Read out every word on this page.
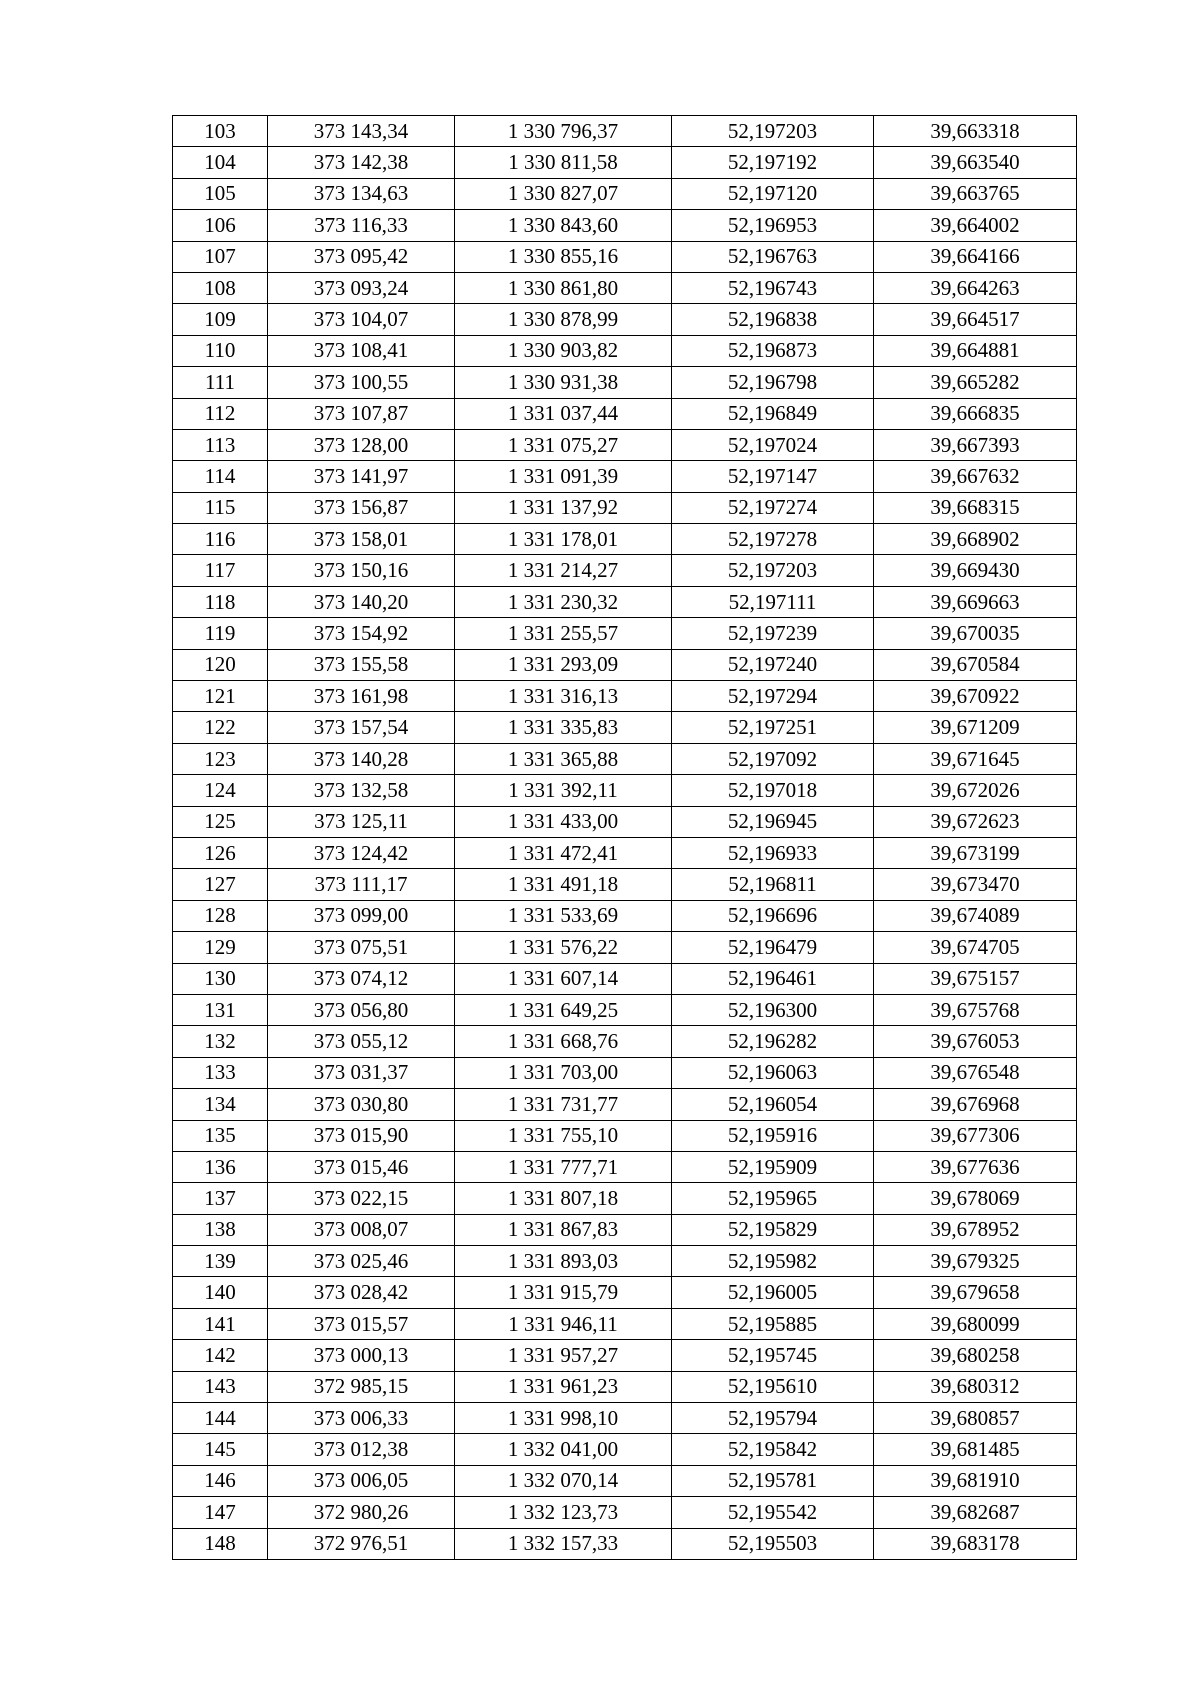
103	373 143,34	1 330 796,37	52,197203	39,663318
104	373 142,38	1 330 811,58	52,197192	39,663540
105	373 134,63	1 330 827,07	52,197120	39,663765
106	373 116,33	1 330 843,60	52,196953	39,664002
107	373 095,42	1 330 855,16	52,196763	39,664166
108	373 093,24	1 330 861,80	52,196743	39,664263
109	373 104,07	1 330 878,99	52,196838	39,664517
110	373 108,41	1 330 903,82	52,196873	39,664881
111	373 100,55	1 330 931,38	52,196798	39,665282
112	373 107,87	1 331 037,44	52,196849	39,666835
113	373 128,00	1 331 075,27	52,197024	39,667393
114	373 141,97	1 331 091,39	52,197147	39,667632
115	373 156,87	1 331 137,92	52,197274	39,668315
116	373 158,01	1 331 178,01	52,197278	39,668902
117	373 150,16	1 331 214,27	52,197203	39,669430
118	373 140,20	1 331 230,32	52,197111	39,669663
119	373 154,92	1 331 255,57	52,197239	39,670035
120	373 155,58	1 331 293,09	52,197240	39,670584
121	373 161,98	1 331 316,13	52,197294	39,670922
122	373 157,54	1 331 335,83	52,197251	39,671209
123	373 140,28	1 331 365,88	52,197092	39,671645
124	373 132,58	1 331 392,11	52,197018	39,672026
125	373 125,11	1 331 433,00	52,196945	39,672623
126	373 124,42	1 331 472,41	52,196933	39,673199
127	373 111,17	1 331 491,18	52,196811	39,673470
128	373 099,00	1 331 533,69	52,196696	39,674089
129	373 075,51	1 331 576,22	52,196479	39,674705
130	373 074,12	1 331 607,14	52,196461	39,675157
131	373 056,80	1 331 649,25	52,196300	39,675768
132	373 055,12	1 331 668,76	52,196282	39,676053
133	373 031,37	1 331 703,00	52,196063	39,676548
134	373 030,80	1 331 731,77	52,196054	39,676968
135	373 015,90	1 331 755,10	52,195916	39,677306
136	373 015,46	1 331 777,71	52,195909	39,677636
137	373 022,15	1 331 807,18	52,195965	39,678069
138	373 008,07	1 331 867,83	52,195829	39,678952
139	373 025,46	1 331 893,03	52,195982	39,679325
140	373 028,42	1 331 915,79	52,196005	39,679658
141	373 015,57	1 331 946,11	52,195885	39,680099
142	373 000,13	1 331 957,27	52,195745	39,680258
143	372 985,15	1 331 961,23	52,195610	39,680312
144	373 006,33	1 331 998,10	52,195794	39,680857
145	373 012,38	1 332 041,00	52,195842	39,681485
146	373 006,05	1 332 070,14	52,195781	39,681910
147	372 980,26	1 332 123,73	52,195542	39,682687
148	372 976,51	1 332 157,33	52,195503	39,683178
